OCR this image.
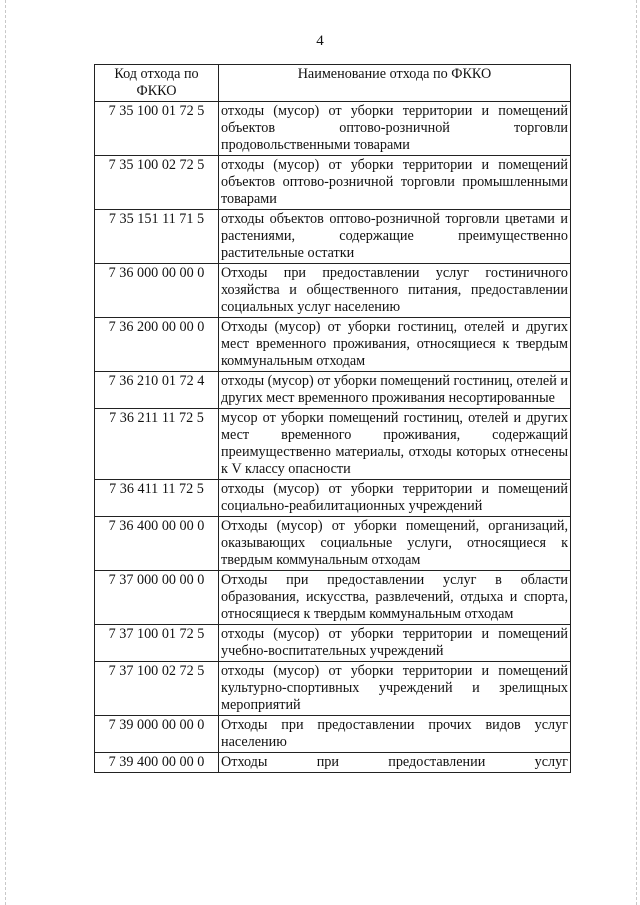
4
Код отхода по ФККО	Наименование отхода по ФККО
7 35 100 01 72 5	отходы (мусор) от уборки территории и помещений объектов оптово-розничной торговли продовольственными товарами
7 35 100 02 72 5	отходы (мусор) от уборки территории и помещений объектов оптово-розничной торговли промышленными товарами
7 35 151 11 71 5	отходы объектов оптово-розничной торговли цветами и растениями, содержащие преимущественно растительные остатки
7 36 000 00 00 0	Отходы при предоставлении услуг гостиничного хозяйства и общественного питания, предоставлении социальных услуг населению
7 36 200 00 00 0	Отходы (мусор) от уборки гостиниц, отелей и других мест временного проживания, относящиеся к твердым коммунальным отходам
7 36 210 01 72 4	отходы (мусор) от уборки помещений гостиниц, отелей и других мест временного проживания несортированные
7 36 211 11 72 5	мусор от уборки помещений гостиниц, отелей и других мест временного проживания, содержащий преимущественно материалы, отходы которых отнесены к V классу опасности
7 36 411 11 72 5	отходы (мусор) от уборки территории и помещений социально-реабилитационных учреждений
7 36 400 00 00 0	Отходы (мусор) от уборки помещений, организаций, оказывающих социальные услуги, относящиеся к твердым коммунальным отходам
7 37 000 00 00 0	Отходы при предоставлении услуг в области образования, искусства, развлечений, отдыха и спорта, относящиеся к твердым коммунальным отходам
7 37 100 01 72 5	отходы (мусор) от уборки территории и помещений учебно-воспитательных учреждений
7 37 100 02 72 5	отходы (мусор) от уборки территории и помещений культурно-спортивных учреждений и зрелищных мероприятий
7 39 000 00 00 0	Отходы при предоставлении прочих видов услуг населению
7 39 400 00 00 0	Отходы при предоставлении услуг
